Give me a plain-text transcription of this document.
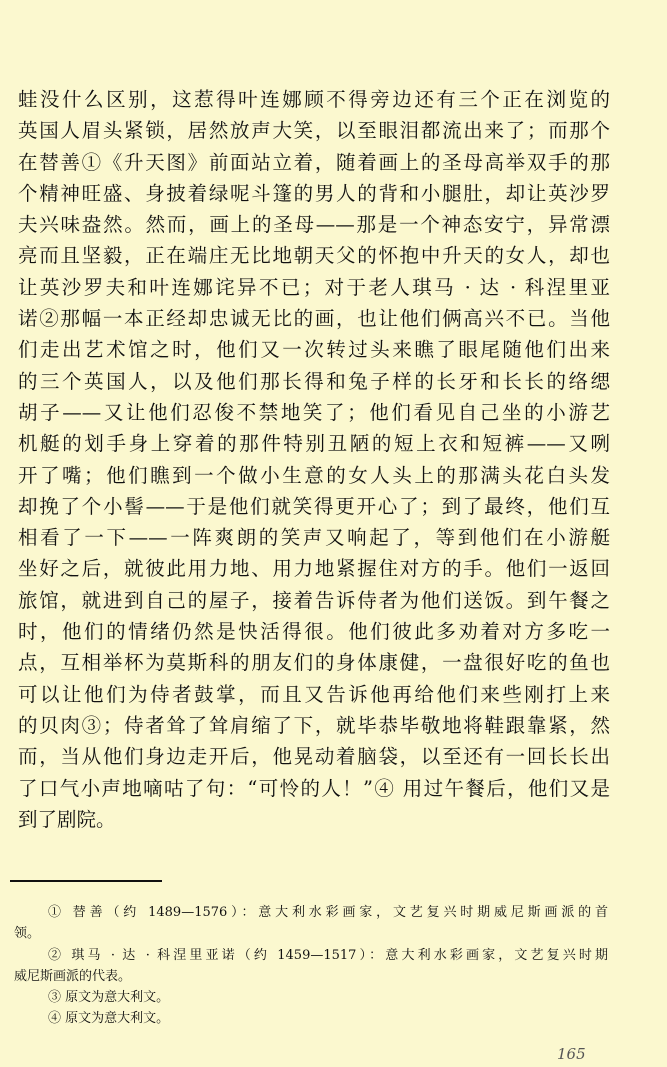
蛙没什么区别，这惹得叶连娜顾不得旁边还有三个正在浏览的
英国人眉头紧锁，居然放声大笑，以至眼泪都流出来了；而那个
在替善①《升天图》前面站立着，随着画上的圣母高举双手的那
个精神旺盛、身披着绿呢斗篷的男人的背和小腿肚，却让英沙罗
夫兴味盎然。然而，画上的圣母——那是一个神态安宁，异常漂
亮而且坚毅，正在端庄无比地朝天父的怀抱中升天的女人，却也
让英沙罗夫和叶连娜诧异不已；对于老人琪马 · 达 · 科涅里亚
诺②那幅一本正经却忠诚无比的画，也让他们俩高兴不已。当他
们走出艺术馆之时，他们又一次转过头来瞧了眼尾随他们出来
的三个英国人，以及他们那长得和兔子样的长牙和长长的络缌
胡子——又让他们忍俊不禁地笑了；他们看见自己坐的小游艺
机艇的划手身上穿着的那件特别丑陋的短上衣和短裤——又咧
开了嘴；他们瞧到一个做小生意的女人头上的那满头花白头发
却挽了个小髻——于是他们就笑得更开心了；到了最终，他们互
相看了一下——一阵爽朗的笑声又响起了，等到他们在小游艇
坐好之后，就彼此用力地、用力地紧握住对方的手。他们一返回
旅馆，就进到自己的屋子，接着告诉侍者为他们送饭。到午餐之
时，他们的情绪仍然是快活得很。他们彼此多劝着对方多吃一
点，互相举杯为莫斯科的朋友们的身体康健，一盘很好吃的鱼也
可以让他们为侍者鼓掌，而且又告诉他再给他们来些刚打上来
的贝肉③；侍者耸了耸肩缩了下，就毕恭毕敬地将鞋跟靠紧，然
而，当从他们身边走开后，他晃动着脑袋，以至还有一回长长出
了口气小声地嘀咕了句：“可怜的人！”④ 用过午餐后，他们又是
到了剧院。
① 替善（约 1489—1576）：意大利水彩画家，文艺复兴时期威尼斯画派的首
领。
② 琪马 · 达 · 科涅里亚诺（约 1459—1517）：意大利水彩画家，文艺复兴时期
威尼斯画派的代表。
③ 原文为意大利文。
④ 原文为意大利文。
165
